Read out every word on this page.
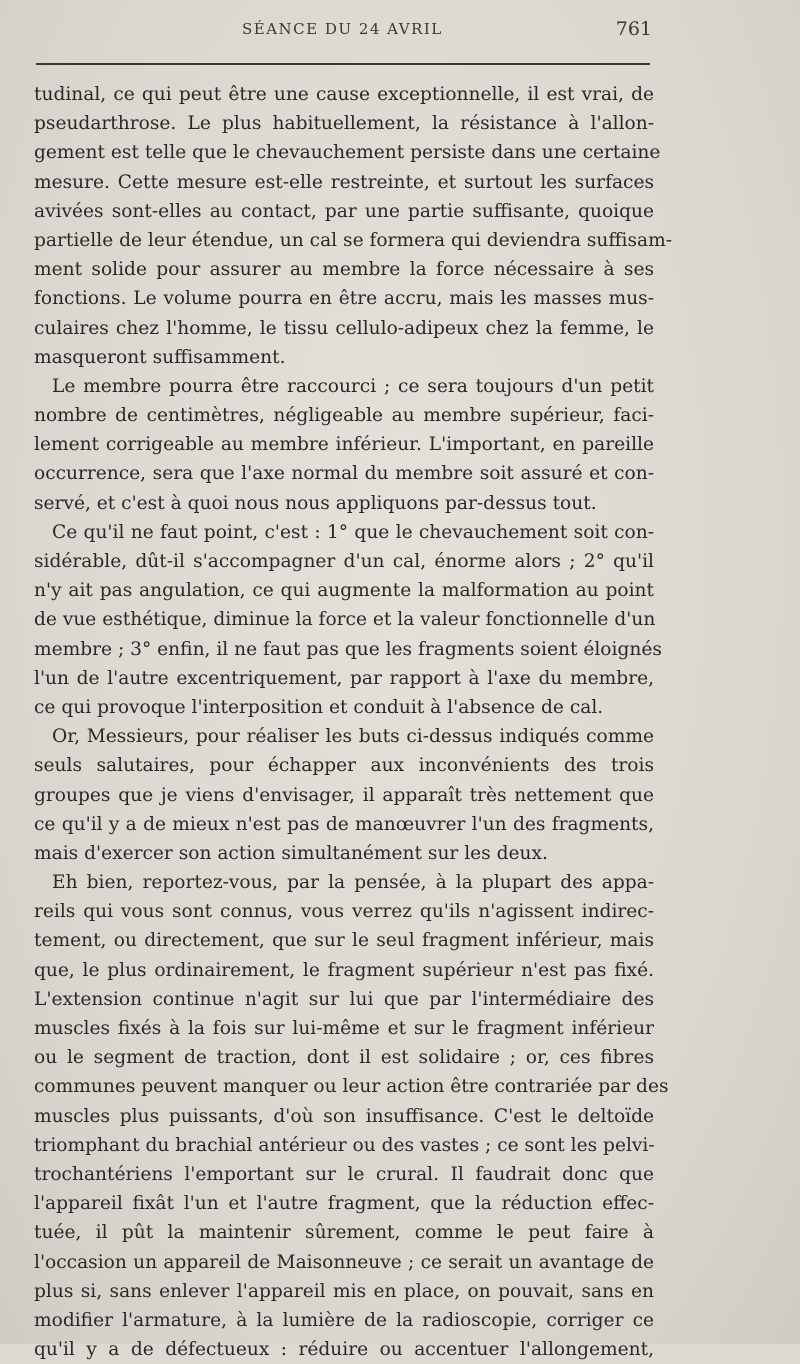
SÉANCE DU 24 AVRIL	761
tudinal, ce qui peut être une cause exceptionnelle, il est vrai, de
pseudarthrose. Le plus habituellement, la résistance à l'allon-
gement est telle que le chevauchement persiste dans une certaine
mesure. Cette mesure est-elle restreinte, et surtout les surfaces
avivées sont-elles au contact, par une partie suffisante, quoique
partielle de leur étendue, un cal se formera qui deviendra suffisam-
ment solide pour assurer au membre la force nécessaire à ses
fonctions. Le volume pourra en être accru, mais les masses mus-
culaires chez l'homme, le tissu cellulo-adipeux chez la femme, le
masqueront suffisamment.
Le membre pourra être raccourci ; ce sera toujours d'un petit
nombre de centimètres, négligeable au membre supérieur, faci-
lement corrigeable au membre inférieur. L'important, en pareille
occurrence, sera que l'axe normal du membre soit assuré et con-
servé, et c'est à quoi nous nous appliquons par-dessus tout.
Ce qu'il ne faut point, c'est : 1° que le chevauchement soit con-
sidérable, dût-il s'accompagner d'un cal, énorme alors ; 2° qu'il
n'y ait pas angulation, ce qui augmente la malformation au point
de vue esthétique, diminue la force et la valeur fonctionnelle d'un
membre ; 3° enfin, il ne faut pas que les fragments soient éloignés
l'un de l'autre excentriquement, par rapport à l'axe du membre,
ce qui provoque l'interposition et conduit à l'absence de cal.
Or, Messieurs, pour réaliser les buts ci-dessus indiqués comme
seuls salutaires, pour échapper aux inconvénients des trois
groupes que je viens d'envisager, il apparaît très nettement que
ce qu'il y a de mieux n'est pas de manœuvrer l'un des fragments,
mais d'exercer son action simultanément sur les deux.
Eh bien, reportez-vous, par la pensée, à la plupart des appa-
reils qui vous sont connus, vous verrez qu'ils n'agissent indirec-
tement, ou directement, que sur le seul fragment inférieur, mais
que, le plus ordinairement, le fragment supérieur n'est pas fixé.
L'extension continue n'agit sur lui que par l'intermédiaire des
muscles fixés à la fois sur lui-même et sur le fragment inférieur
ou le segment de traction, dont il est solidaire ; or, ces fibres
communes peuvent manquer ou leur action être contrariée par des
muscles plus puissants, d'où son insuffisance. C'est le deltoïde
triomphant du brachial antérieur ou des vastes ; ce sont les pelvi-
trochantériens l'emportant sur le crural. Il faudrait donc que
l'appareil fixât l'un et l'autre fragment, que la réduction effec-
tuée, il pût la maintenir sûrement, comme le peut faire à
l'occasion un appareil de Maisonneuve ; ce serait un avantage de
plus si, sans enlever l'appareil mis en place, on pouvait, sans en
modifier l'armature, à la lumière de la radioscopie, corriger ce
qu'il y a de défectueux : réduire ou accentuer l'allongement,
